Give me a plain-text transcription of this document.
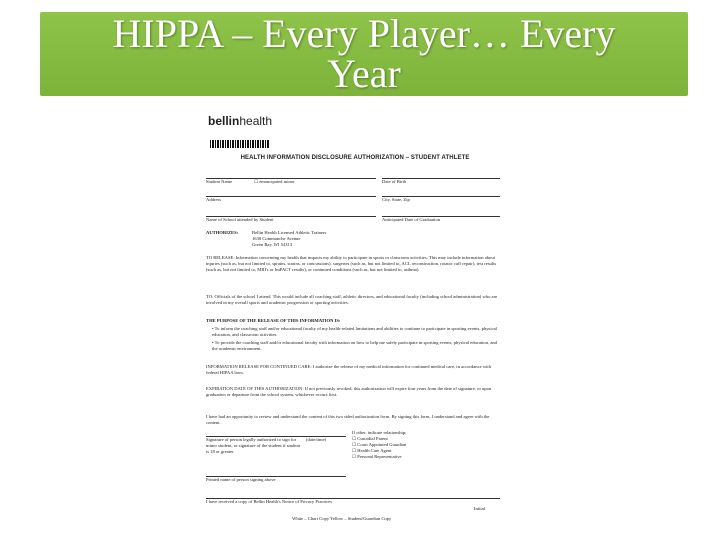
HIPPA – Every Player… Every
Year
bellinhealth
HEALTH INFORMATION DISCLOSURE AUTHORIZATION – STUDENT ATHLETE
Student Name	☐ emancipated minor	Date of Birth
Address	City, State, Zip
Name of School attended by Student	Anticipated Date of Graduation
AUTHORIZES:	Bellin Health Licensed Athletic Trainers
1630 Commanche Avenue
Green Bay, WI 54313
TO RELEASE: Information concerning my health that impacts my ability to participate in sports or classroom activities. This may include information about injuries (such as, but not limited to, sprains, strains, or concussions), surgeries (such as, but not limited to, ACL reconstruction, rotator cuff repair), test results (such as, but not limited to, MRI's or ImPACT results), or continued conditions (such as, but not limited to, asthma).
TO: Officials of the school I attend. This would include all coaching staff, athletic directors, and educational faculty (including school administration) who are involved in my overall sports and academic progression or sporting activities.
THE PURPOSE OF THE RELEASE OF THIS INFORMATION IS:
• To inform the coaching staff and/or educational faculty of my health-related limitations and abilities to continue to participate in sporting events, physical education, and classroom activities.
• To provide the coaching staff and/or educational faculty with information on how to help me safely participate in sporting events, physical education, and the academic environment.
INFORMATION RELEASE FOR CONTINUED CARE: I authorize the release of my medical information for continued medical care, in accordance with federal HIPAA laws.
EXPIRATION DATE OF THIS AUTHORIZATION: If not previously revoked, this authorization will expire four years from the date of signature, or upon graduation or departure from the school system, whichever occurs first.
I have had an opportunity to review and understand the content of this two sided authorization form. By signing this form, I understand and agree with the content.
If other, indicate relationship:
☐ Custodial Parent
☐ Court Appointed Guardian
☐ Health Care Agent
☐ Personal Representative
Signature of person legally authorized to sign for minor student, or signature of the student if student is 18 or greater
(date/time)
Printed name of person signing above
I have received a copy of Bellin Health's Notice of Privacy Practices
Initial
White – Chart Copy Yellow – Student/Guardian Copy
